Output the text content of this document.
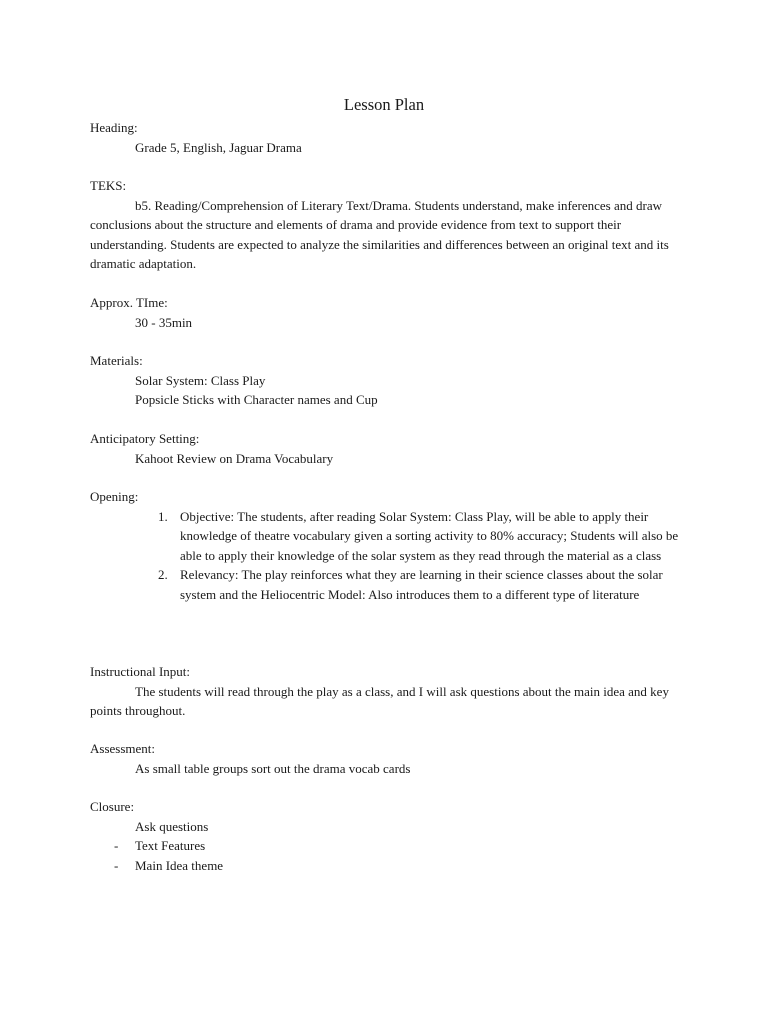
Lesson Plan
Heading:
Grade 5, English, Jaguar Drama
TEKS:

b5. Reading/Comprehension of Literary Text/Drama. Students understand, make inferences and draw conclusions about the structure and elements of drama and provide evidence from text to support their understanding. Students are expected to analyze the similarities and differences between an original text and its dramatic adaptation.

Approx. TIme:
30 - 35min
Materials:
Solar System: Class Play
Popsicle Sticks with Character names and Cup
Anticipatory Setting:
Kahoot Review on Drama Vocabulary
Opening:
1. Objective: The students, after reading Solar System: Class Play, will be able to apply their knowledge of theatre vocabulary given a sorting activity to 80% accuracy; Students will also be able to apply their knowledge of the solar system as they read through the material as a class
2. Relevancy: The play reinforces what they are learning in their science classes about the solar system and the Heliocentric Model: Also introduces them to a different type of literature
Instructional Input:

The students will read through the play as a class, and I will ask questions about the main idea and key points throughout.

Assessment:
As small table groups sort out the drama vocab cards
Closure:
Ask questions
- Text Features
- Main Idea theme
